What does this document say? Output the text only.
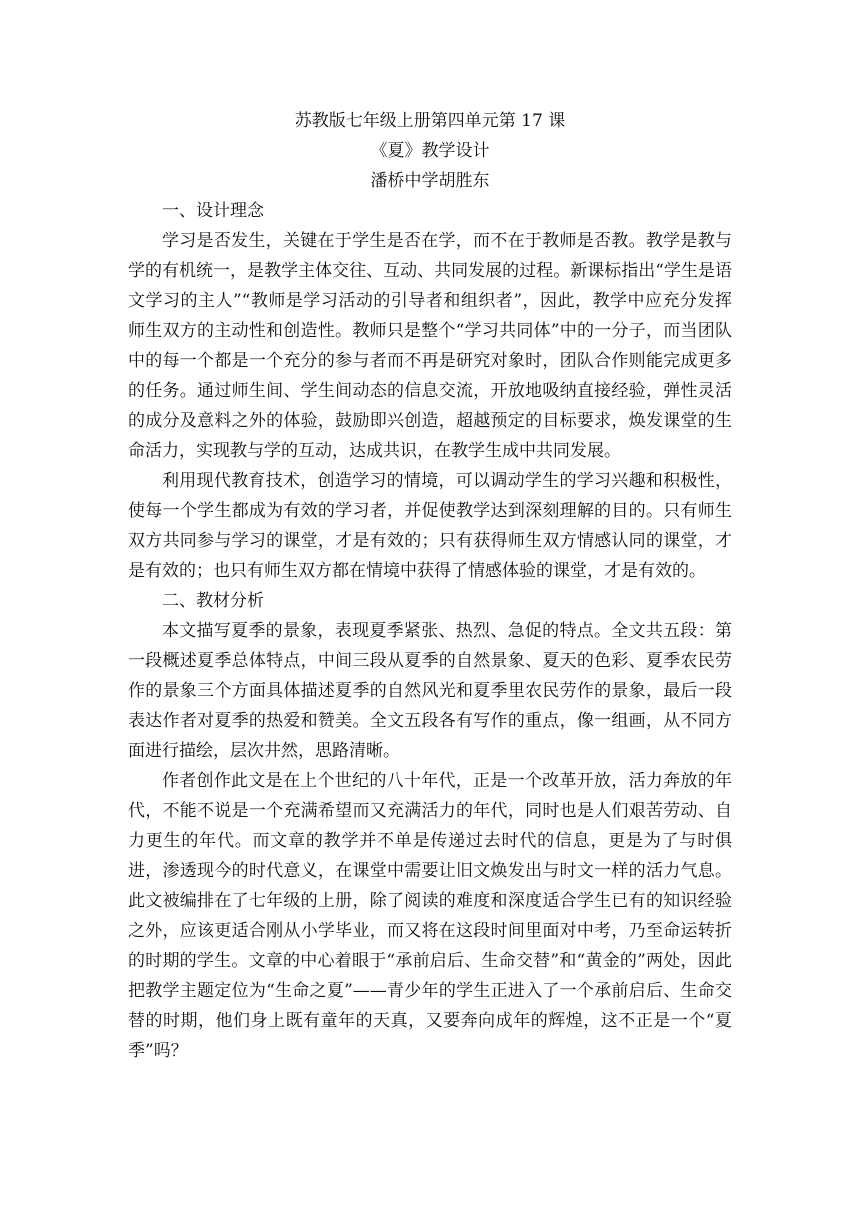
苏教版七年级上册第四单元第 17 课

《夏》教学设计

潘桥中学胡胜东

一、设计理念

学习是否发生，关键在于学生是否在学，而不在于教师是否教。教学是教与学的有机统一，是教学主体交往、互动、共同发展的过程。新课标指出“学生是语文学习的主人”“教师是学习活动的引导者和组织者”，因此，教学中应充分发挥师生双方的主动性和创造性。教师只是整个“学习共同体”中的一分子，而当团队中的每一个都是一个充分的参与者而不再是研究对象时，团队合作则能完成更多的任务。通过师生间、学生间动态的信息交流，开放地吸纳直接经验，弹性灵活的成分及意料之外的体验，鼓励即兴创造，超越预定的目标要求，焕发课堂的生命活力，实现教与学的互动，达成共识，在教学生成中共同发展。

利用现代教育技术，创造学习的情境，可以调动学生的学习兴趣和积极性，使每一个学生都成为有效的学习者，并促使教学达到深刻理解的目的。只有师生双方共同参与学习的课堂，才是有效的；只有获得师生双方情感认同的课堂，才是有效的；也只有师生双方都在情境中获得了情感体验的课堂，才是有效的。

二、教材分析

本文描写夏季的景象，表现夏季紧张、热烈、急促的特点。全文共五段：第一段概述夏季总体特点，中间三段从夏季的自然景象、夏天的色彩、夏季农民劳作的景象三个方面具体描述夏季的自然风光和夏季里农民劳作的景象，最后一段表达作者对夏季的热爱和赞美。全文五段各有写作的重点，像一组画，从不同方面进行描绘，层次井然，思路清晰。

作者创作此文是在上个世纪的八十年代，正是一个改革开放，活力奔放的年代，不能不说是一个充满希望而又充满活力的年代，同时也是人们艰苦劳动、自力更生的年代。而文章的教学并不单是传递过去时代的信息，更是为了与时俱进，渗透现今的时代意义，在课堂中需要让旧文焕发出与时文一样的活力气息。此文被编排在了七年级的上册，除了阅读的难度和深度适合学生已有的知识经验之外，应该更适合刚从小学毕业，而又将在这段时间里面对中考，乃至命运转折的时期的学生。文章的中心着眼于“承前启后、生命交替”和“黄金的”两处，因此把教学主题定位为“生命之夏”——青少年的学生正进入了一个承前启后、生命交替的时期，他们身上既有童年的天真，又要奔向成年的辉煌，这不正是一个“夏季”吗？
